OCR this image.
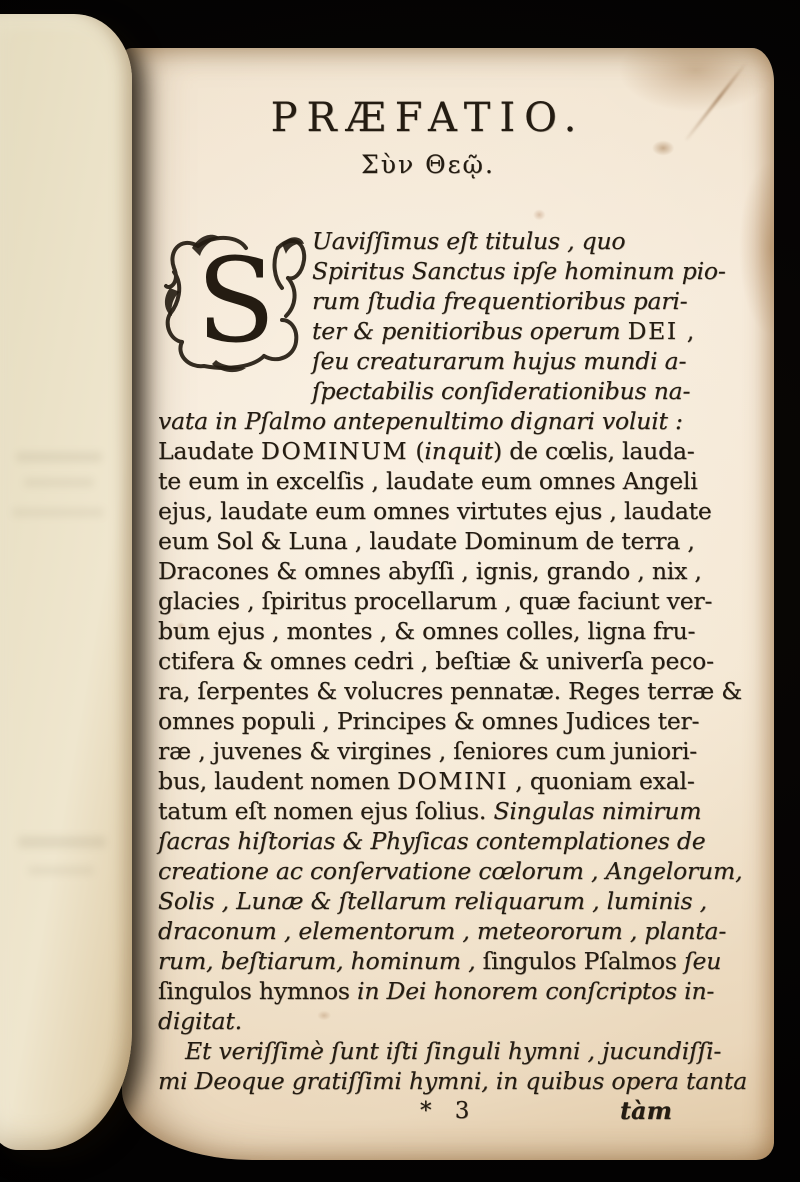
PRÆFATIO.
Σὺν Θεῷ.
S	Uaviſſimus eſt titulus , quo
Spiritus Sanctus ipſe hominum pio-
rum ſtudia frequentioribus pari-
ter & penitioribus operum DEI ,
ſeu creaturarum hujus mundi a-
ſpectabilis conſiderationibus na-
vata in Pſalmo antepenultimo dignari voluit :
Laudate DOMINUM (inquit) de cœlis, lauda-
te eum in excelſis , laudate eum omnes Angeli
ejus, laudate eum omnes virtutes ejus , laudate
eum Sol & Luna , laudate Dominum de terra ,
Dracones & omnes abyſſi , ignis, grando , nix ,
glacies , ſpiritus procellarum , quæ faciunt ver-
bum ejus , montes , & omnes colles, ligna fru-
ctifera & omnes cedri , beſtiæ & univerſa peco-
ra, ſerpentes & volucres pennatæ. Reges terræ &
omnes populi , Principes & omnes Judices ter-
ræ , juvenes & virgines , ſeniores cum juniori-
bus, laudent nomen DOMINI , quoniam exal-
tatum eſt nomen ejus ſolius. Singulas nimirum
ſacras hiſtorias & Phyſicas contemplationes de
creatione ac conſervatione cœlorum , Angelorum,
Solis , Lunæ & ſtellarum reliquarum , luminis ,
draconum , elementorum , meteororum , planta-
rum, beſtiarum, hominum , ſingulos Pſalmos ſeu
ſingulos hymnos in Dei honorem conſcriptos in-
digitat.
Et veriſſimè ſunt iſti ſinguli hymni , jucundiſſi-
mi Deoque gratiſſimi hymni, in quibus opera tanta
* 3	tàm
